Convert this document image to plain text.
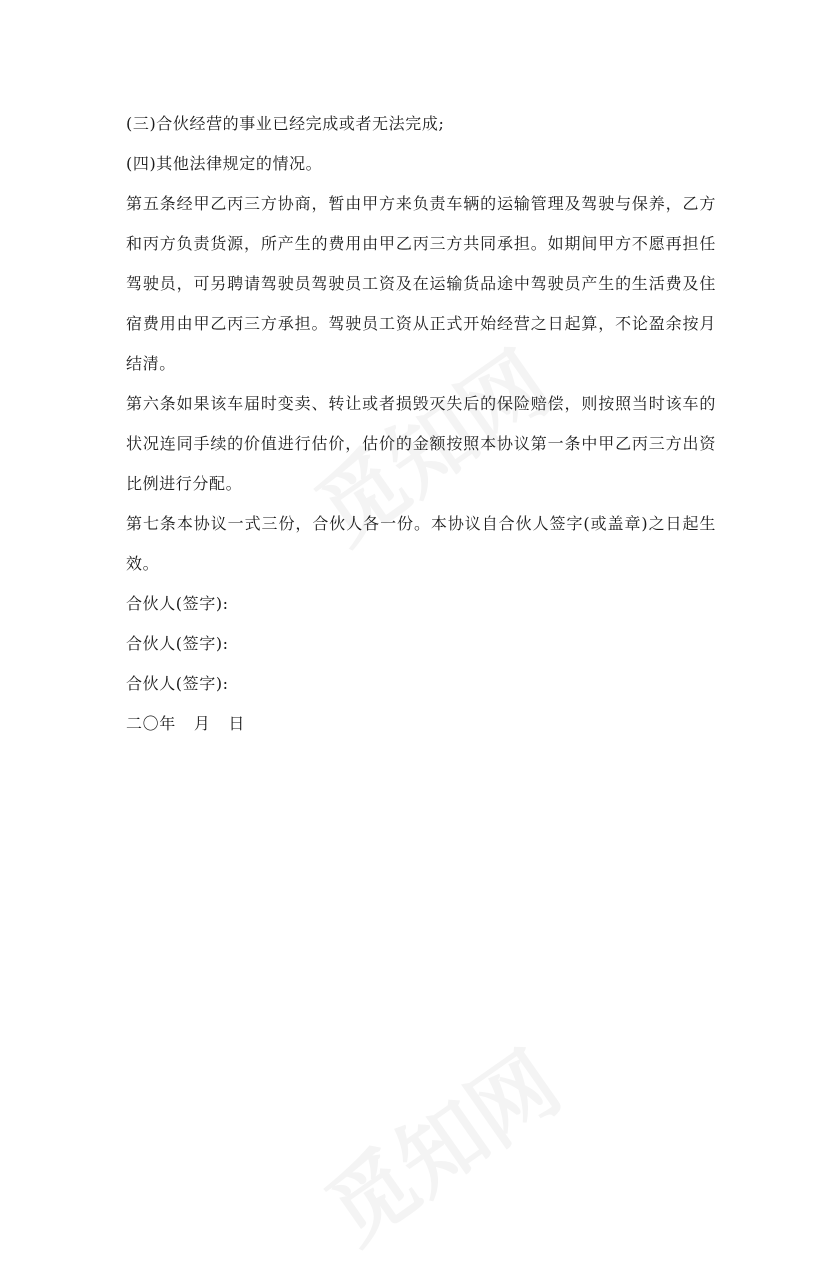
(三)合伙经营的事业已经完成或者无法完成;

(四)其他法律规定的情况。

第五条经甲乙丙三方协商，暂由甲方来负责车辆的运输管理及驾驶与保养，乙方和丙方负责货源，所产生的费用由甲乙丙三方共同承担。如期间甲方不愿再担任驾驶员，可另聘请驾驶员驾驶员工资及在运输货品途中驾驶员产生的生活费及住宿费用由甲乙丙三方承担。驾驶员工资从正式开始经营之日起算，不论盈余按月结清。

第六条如果该车届时变卖、转让或者损毁灭失后的保险赔偿，则按照当时该车的状况连同手续的价值进行估价，估价的金额按照本协议第一条中甲乙丙三方出资比例进行分配。

第七条本协议一式三份，合伙人各一份。本协议自合伙人签字(或盖章)之日起生效。

合伙人(签字):

合伙人(签字):

合伙人(签字):

二〇年 月 日
